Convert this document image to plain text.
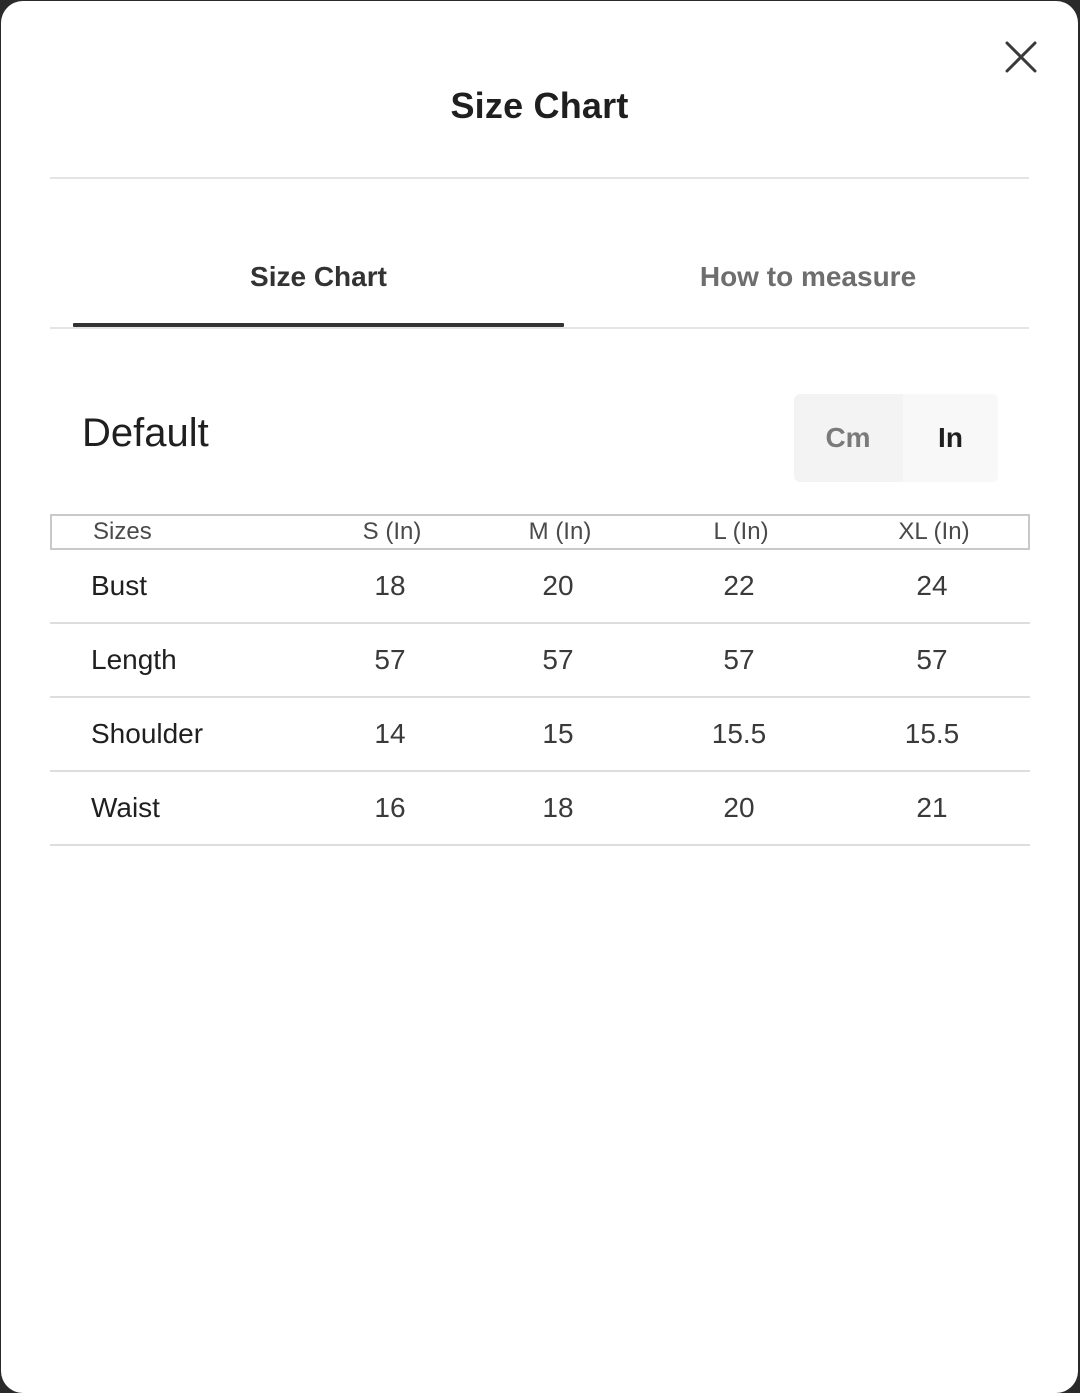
Size Chart
Size Chart	How to measure
Default	Cm	In
Sizes	S (In)	M (In)	L (In)	XL (In)
Bust	18	20	22	24
Length	57	57	57	57
Shoulder	14	15	15.5	15.5
Waist	16	18	20	21
